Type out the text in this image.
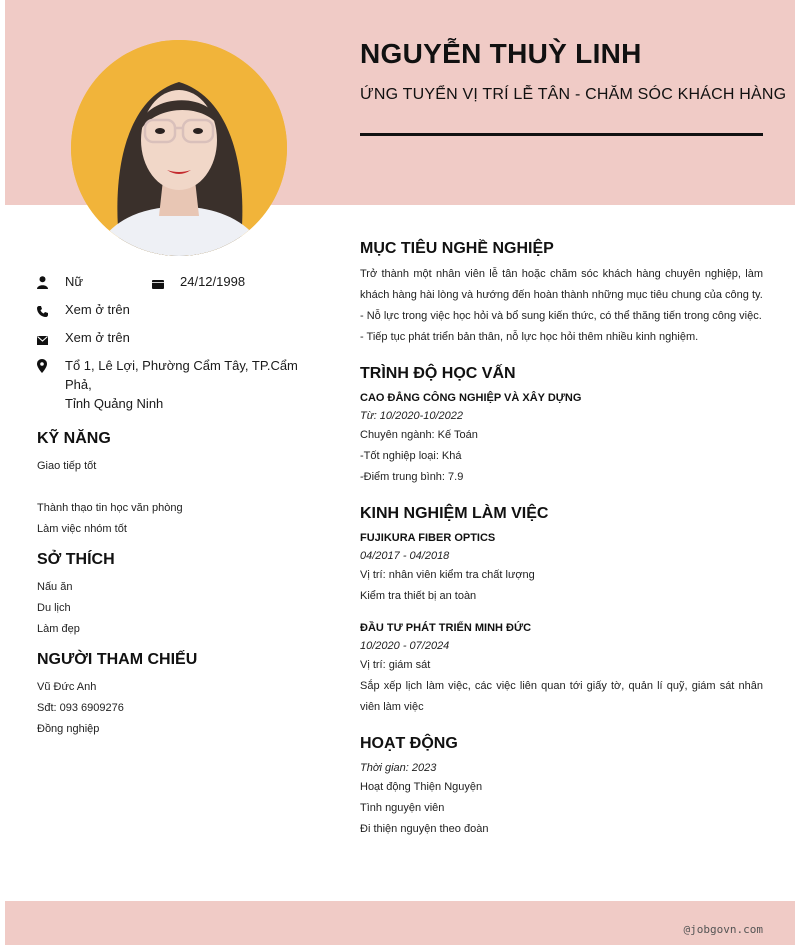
NGUYỄN THUỲ LINH
ỨNG TUYỂN VỊ TRÍ LỄ TÂN - CHĂM SÓC KHÁCH HÀNG
Nữ	24/12/1998
Xem ở trên
Xem ở trên
Tổ 1, Lê Lợi, Phường Cẩm Tây, TP.Cẩm Phả,
Tỉnh Quảng Ninh
KỸ NĂNG
Giao tiếp tốt
Thành thạo tin học văn phòng
Làm việc nhóm tốt
SỞ THÍCH
Nấu ăn
Du lịch
Làm đẹp
NGƯỜI THAM CHIẾU
Vũ Đức Anh
Sđt: 093 6909276
Đồng nghiệp
MỤC TIÊU NGHỀ NGHIỆP
Trở thành một nhân viên lễ tân hoặc chăm sóc khách hàng chuyên nghiệp, làm khách hàng hài lòng và hướng đến hoàn thành những mục tiêu chung của công ty.
- Nỗ lực trong việc học hỏi và bổ sung kiến thức, có thể thăng tiến trong công việc.
- Tiếp tục phát triển bản thân, nỗ lực học hỏi thêm nhiều kinh nghiệm.
TRÌNH ĐỘ HỌC VẤN
CAO ĐẲNG CÔNG NGHIỆP VÀ XÂY DỰNG
Từ: 10/2020-10/2022
Chuyên ngành: Kế Toán
-Tốt nghiệp loại: Khá
-Điểm trung bình: 7.9
KINH NGHIỆM LÀM VIỆC
FUJIKURA FIBER OPTICS
04/2017 - 04/2018
Vị trí: nhân viên kiểm tra chất lượng
Kiểm tra thiết bị an toàn
ĐẦU TƯ PHÁT TRIỂN MINH ĐỨC
10/2020 - 07/2024
Vị trí: giám sát
Sắp xếp lịch làm việc, các việc liên quan tới giấy tờ, quản lí quỹ, giám sát nhân viên làm việc
HOẠT ĐỘNG
Thời gian: 2023
Hoạt động Thiện Nguyện
Tình nguyện viên
Đi thiện nguyện theo đoàn
@jobgovn.com
